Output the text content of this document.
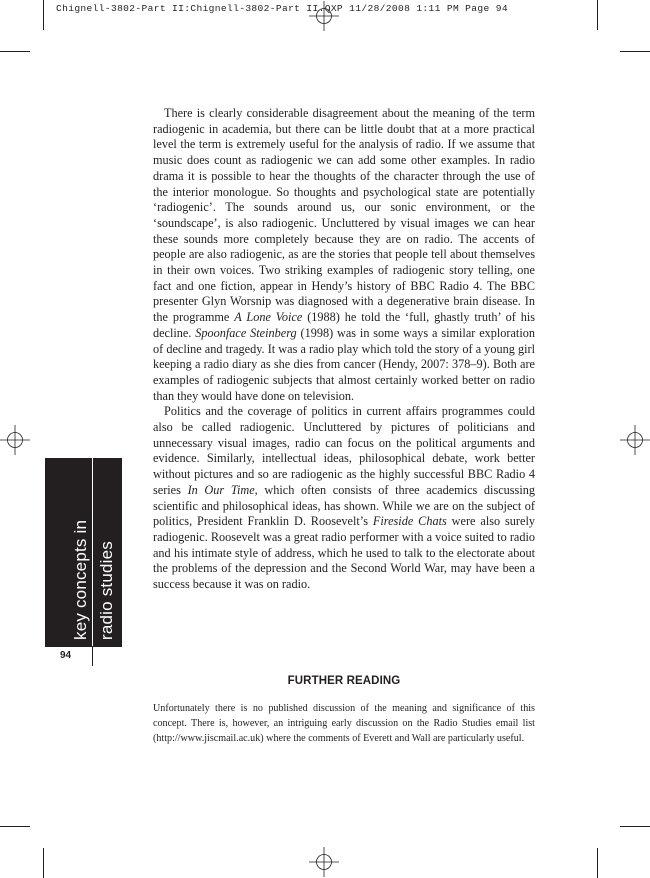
Chignell-3802-Part II:Chignell-3802-Part II.QXP 11/28/2008 1:11 PM Page 94

There is clearly considerable disagreement about the meaning of the term radiogenic in academia, but there can be little doubt that at a more practical level the term is extremely useful for the analysis of radio. If we assume that music does count as radiogenic we can add some other examples. In radio drama it is possible to hear the thoughts of the character through the use of the interior monologue. So thoughts and psychological state are potentially ‘radiogenic’. The sounds around us, our sonic environment, or the ‘soundscape’, is also radiogenic. Uncluttered by visual images we can hear these sounds more completely because they are on radio. The accents of people are also radiogenic, as are the stories that people tell about themselves in their own voices. Two striking examples of radiogenic story telling, one fact and one fiction, appear in Hendy’s history of BBC Radio 4. The BBC presenter Glyn Worsnip was diagnosed with a degenerative brain disease. In the programme A Lone Voice (1988) he told the ‘full, ghastly truth’ of his decline. Spoonface Steinberg (1998) was in some ways a similar exploration of decline and tragedy. It was a radio play which told the story of a young girl keeping a radio diary as she dies from cancer (Hendy, 2007: 378–9). Both are examples of radiogenic subjects that almost certainly worked better on radio than they would have done on television.

Politics and the coverage of politics in current affairs programmes could also be called radiogenic. Uncluttered by pictures of politicians and unnecessary visual images, radio can focus on the political arguments and evidence. Similarly, intellectual ideas, philosophical debate, work better without pictures and so are radiogenic as the highly successful BBC Radio 4 series In Our Time, which often consists of three academics discussing scientific and philosophical ideas, has shown. While we are on the subject of politics, President Franklin D. Roosevelt’s Fireside Chats were also surely radiogenic. Roosevelt was a great radio performer with a voice suited to radio and his intimate style of address, which he used to talk to the electorate about the problems of the depression and the Second World War, may have been a success because it was on radio.

FURTHER READING

Unfortunately there is no published discussion of the meaning and significance of this concept. There is, however, an intriguing early discussion on the Radio Studies email list (http://www.jiscmail.ac.uk) where the comments of Everett and Wall are particularly useful.

key concepts in radio studies
94
